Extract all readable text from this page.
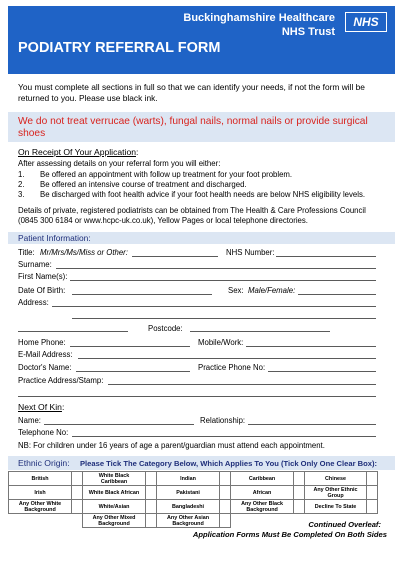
Buckinghamshire Healthcare
NHS Trust
NHS
PODIATRY REFERRAL FORM
You must complete all sections in full so that we can identify your needs, if not the form will be returned to you. Please use black ink.
We do not treat verrucae (warts), fungal nails, normal nails or provide surgical shoes
On Receipt Of Your Application:
After assessing details on your referral form you will either:
1. Be offered an appointment with follow up treatment for your foot problem.
2. Be offered an intensive course of treatment and discharged.
3. Be discharged with foot health advice if your foot health needs are below NHS eligibility levels.
Details of private, registered podiatrists can be obtained from The Health & Care Professions Council
(0845 300 6184 or www.hcpc-uk.co.uk), Yellow Pages or local telephone directories.
Patient Information:
Title: Mr/Mrs/Ms/Miss or Other:	NHS Number:
Surname:
First Name(s):
Date Of Birth:	Sex: Male/Female:
Address:
Postcode:
Home Phone:	Mobile/Work:
E-Mail Address:
Doctor's Name:	Practice Phone No:
Practice Address/Stamp:
Next Of Kin:
Name:	Relationship:
Telephone No:
NB: For children under 16 years of age a parent/guardian must attend each appointment.
Ethnic Origin: Please Tick The Category Below, Which Applies To You (Tick Only One Clear Box):
British		White Black Caribbean		Indian		Caribbean		Chinese	
Irish		White Black African		Pakistani		African		Any Other Ethnic Group	
Any Other White Background		White/Asian		Bangladeshi		Any Other Black Background		Decline To State	
		Any Other Mixed Background		Any Other Asian Background						Continued Overleaf:
Application Forms Must Be Completed On Both Sides
